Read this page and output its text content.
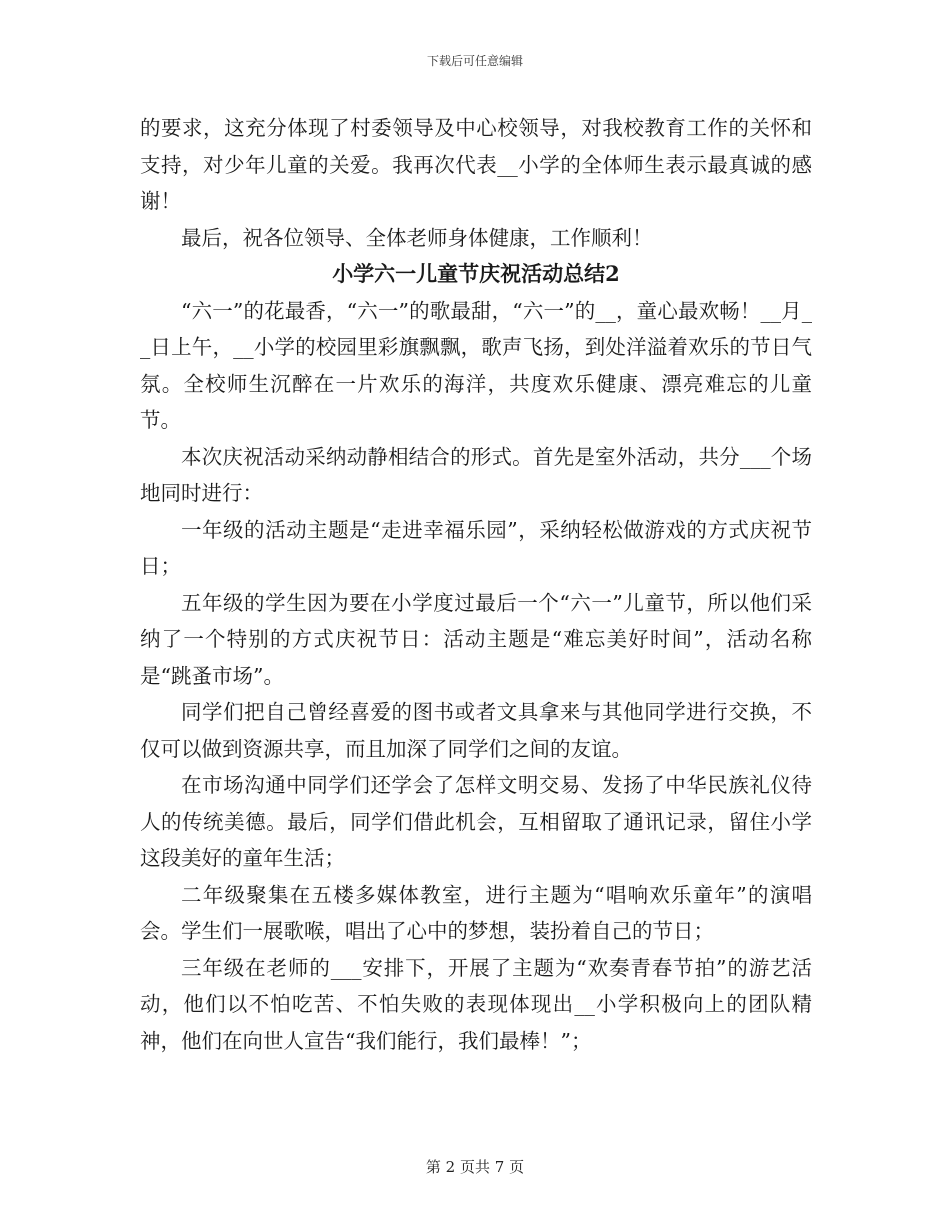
下载后可任意编辑

的要求，这充分体现了村委领导及中心校领导，对我校教育工作的关怀和支持，对少年儿童的关爱。我再次代表__小学的全体师生表示最真诚的感谢！

最后，祝各位领导、全体老师身体健康，工作顺利！

小学六一儿童节庆祝活动总结2

“六一”的花最香，“六一”的歌最甜，“六一”的__，童心最欢畅！__月__日上午，__小学的校园里彩旗飘飘，歌声飞扬，到处洋溢着欢乐的节日气氛。全校师生沉醉在一片欢乐的海洋，共度欢乐健康、漂亮难忘的儿童节。

本次庆祝活动采纳动静相结合的形式。首先是室外活动，共分___个场地同时进行：

一年级的活动主题是“走进幸福乐园”，采纳轻松做游戏的方式庆祝节日；

五年级的学生因为要在小学度过最后一个“六一”儿童节，所以他们采纳了一个特别的方式庆祝节日：活动主题是“难忘美好时间”，活动名称是“跳蚤市场”。

同学们把自己曾经喜爱的图书或者文具拿来与其他同学进行交换，不仅可以做到资源共享，而且加深了同学们之间的友谊。

在市场沟通中同学们还学会了怎样文明交易、发扬了中华民族礼仪待人的传统美德。最后，同学们借此机会，互相留取了通讯记录，留住小学这段美好的童年生活；

二年级聚集在五楼多媒体教室，进行主题为“唱响欢乐童年”的演唱会。学生们一展歌喉，唱出了心中的梦想，装扮着自己的节日；

三年级在老师的___安排下，开展了主题为“欢奏青春节拍”的游艺活动，他们以不怕吃苦、不怕失败的表现体现出__小学积极向上的团队精神，他们在向世人宣告“我们能行，我们最棒！”；

第 2 页共 7 页
